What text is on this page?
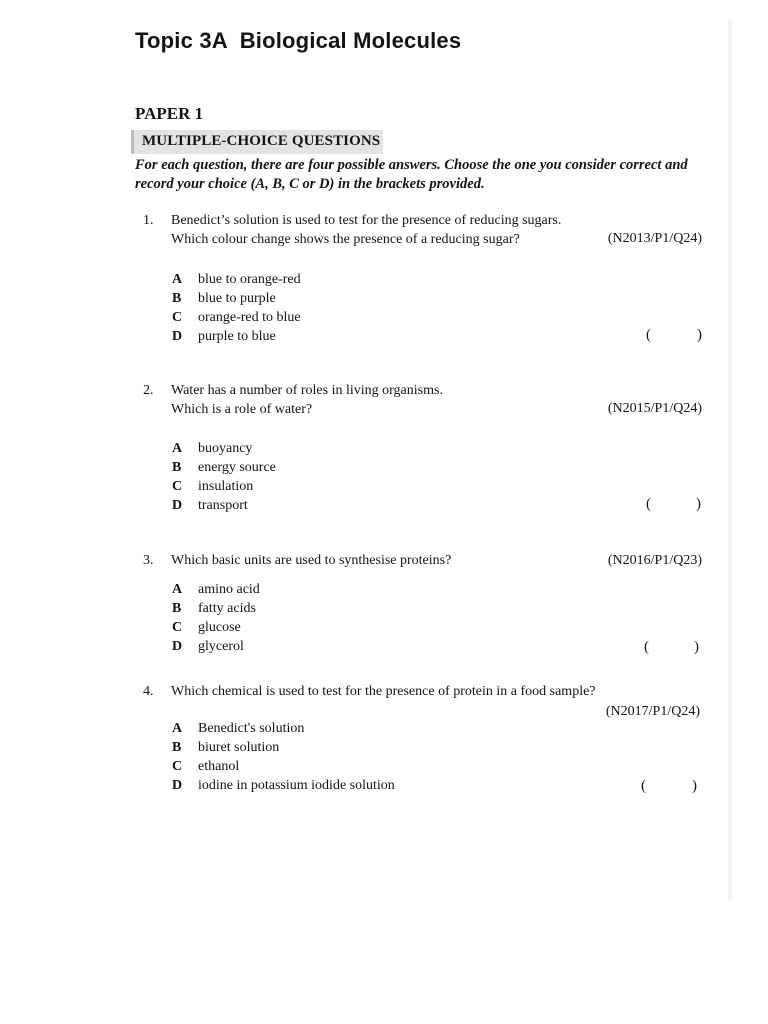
Topic 3A Biological Molecules
PAPER 1
MULTIPLE-CHOICE QUESTIONS
For each question, there are four possible answers. Choose the one you consider correct and
record your choice (A, B, C or D) in the brackets provided.
1. Benedict’s solution is used to test for the presence of reducing sugars.
Which colour change shows the presence of a reducing sugar?	(N2013/P1/Q24)
A blue to orange-red
B blue to purple
C orange-red to blue
D purple to blue	(	)
2. Water has a number of roles in living organisms.
Which is a role of water?	(N2015/P1/Q24)
A buoyancy
B energy source
C insulation
D transport	(	)
3. Which basic units are used to synthesise proteins?	(N2016/P1/Q23)
A amino acid
B fatty acids
C glucose
D glycerol	(	)
4. Which chemical is used to test for the presence of protein in a food sample?
(N2017/P1/Q24)
A Benedict's solution
B biuret solution
C ethanol
D iodine in potassium iodide solution	(	)
